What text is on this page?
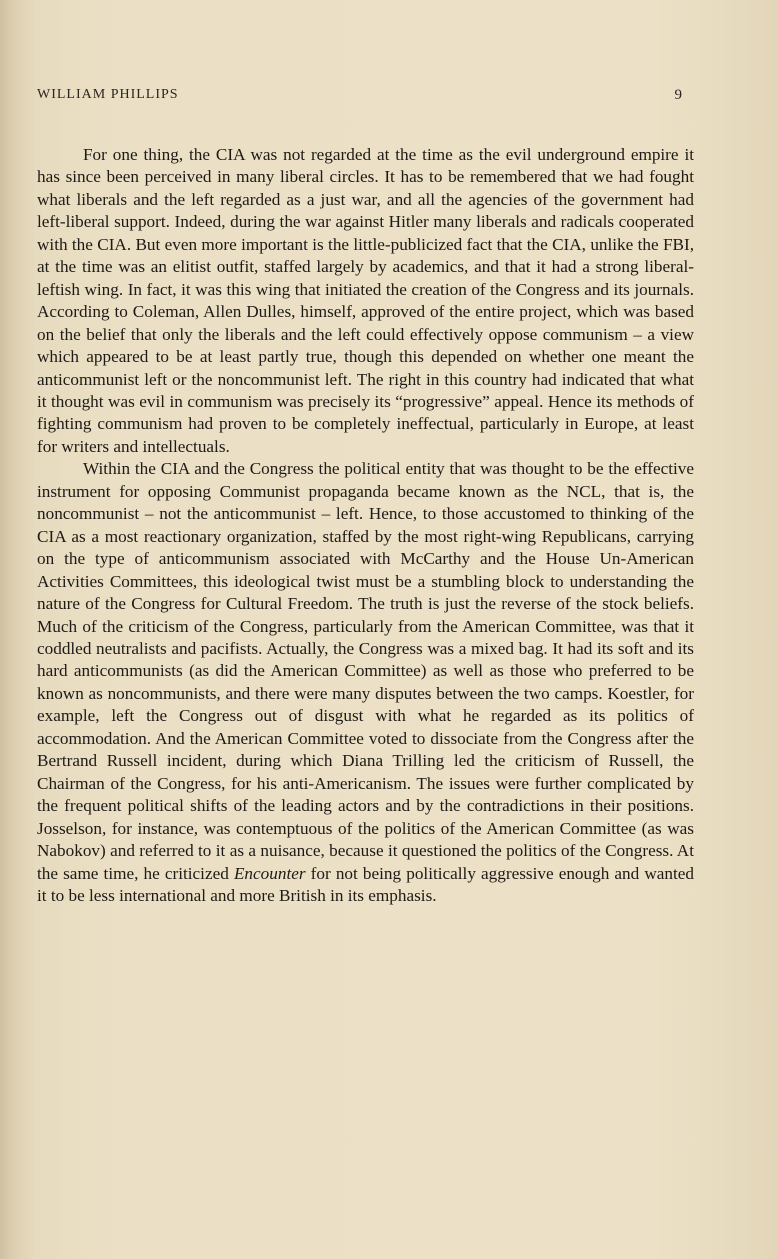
WILLIAM PHILLIPS	9

For one thing, the CIA was not regarded at the time as the evil underground empire it has since been perceived in many liberal circles. It has to be remembered that we had fought what liberals and the left regarded as a just war, and all the agencies of the government had left-liberal support. Indeed, during the war against Hitler many liberals and radicals cooperated with the CIA. But even more important is the little-publicized fact that the CIA, unlike the FBI, at the time was an elitist outfit, staffed largely by academics, and that it had a strong liberal-leftish wing. In fact, it was this wing that initiated the creation of the Congress and its journals. According to Coleman, Allen Dulles, himself, approved of the entire project, which was based on the belief that only the liberals and the left could effectively oppose communism – a view which appeared to be at least partly true, though this depended on whether one meant the anticommunist left or the noncommunist left. The right in this country had indicated that what it thought was evil in communism was precisely its “progressive” appeal. Hence its methods of fighting communism had proven to be completely ineffectual, particularly in Europe, at least for writers and intellectuals.

Within the CIA and the Congress the political entity that was thought to be the effective instrument for opposing Communist propaganda became known as the NCL, that is, the noncommunist – not the anticommunist – left. Hence, to those accustomed to thinking of the CIA as a most reactionary organization, staffed by the most right-wing Republicans, carrying on the type of anticommunism associated with McCarthy and the House Un-American Activities Committees, this ideological twist must be a stumbling block to understanding the nature of the Congress for Cultural Freedom. The truth is just the reverse of the stock beliefs. Much of the criticism of the Congress, particularly from the American Committee, was that it coddled neutralists and pacifists. Actually, the Congress was a mixed bag. It had its soft and its hard anticommunists (as did the American Committee) as well as those who preferred to be known as noncommunists, and there were many disputes between the two camps. Koestler, for example, left the Congress out of disgust with what he regarded as its politics of accommodation. And the American Committee voted to dissociate from the Congress after the Bertrand Russell incident, during which Diana Trilling led the criticism of Russell, the Chairman of the Congress, for his anti-Americanism. The issues were further complicated by the frequent political shifts of the leading actors and by the contradictions in their positions. Josselson, for instance, was contemptuous of the politics of the American Committee (as was Nabokov) and referred to it as a nuisance, because it questioned the politics of the Congress. At the same time, he criticized Encounter for not being politically aggressive enough and wanted it to be less international and more British in its emphasis.
